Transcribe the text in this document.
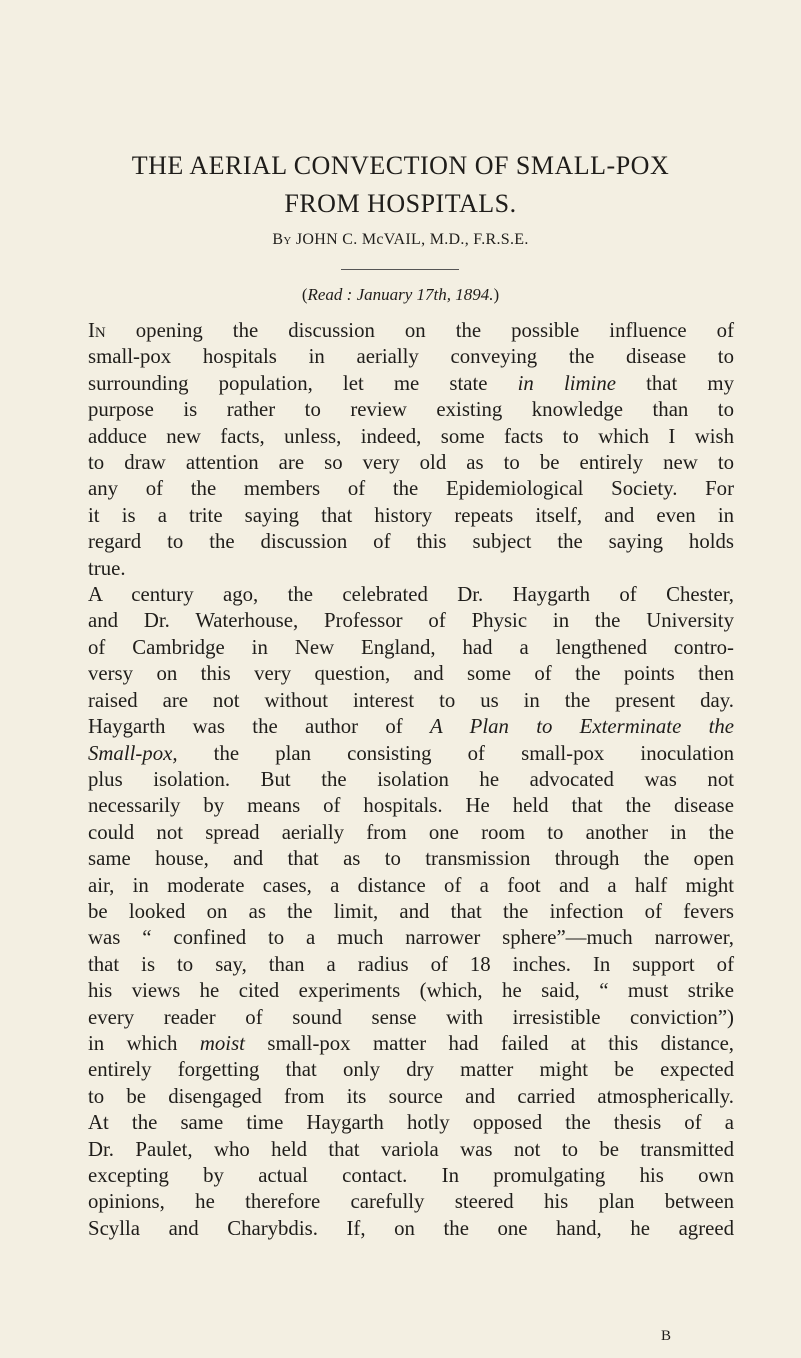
THE AERIAL CONVECTION OF SMALL-POX
FROM HOSPITALS.
By JOHN C. McVAIL, M.D., F.R.S.E.
(Read : January 17th, 1894.)
In opening the discussion on the possible influence of
small-pox hospitals in aerially conveying the disease to
surrounding population, let me state in limine that my
purpose is rather to review existing knowledge than to
adduce new facts, unless, indeed, some facts to which I wish
to draw attention are so very old as to be entirely new to
any of the members of the Epidemiological Society. For
it is a trite saying that history repeats itself, and even in
regard to the discussion of this subject the saying holds
true.
A century ago, the celebrated Dr. Haygarth of Chester,
and Dr. Waterhouse, Professor of Physic in the University
of Cambridge in New England, had a lengthened contro-
versy on this very question, and some of the points then
raised are not without interest to us in the present day.
Haygarth was the author of A Plan to Exterminate the
Small-pox, the plan consisting of small-pox inoculation
plus isolation. But the isolation he advocated was not
necessarily by means of hospitals. He held that the disease
could not spread aerially from one room to another in the
same house, and that as to transmission through the open
air, in moderate cases, a distance of a foot and a half might
be looked on as the limit, and that the infection of fevers
was “ confined to a much narrower sphere”—much narrower,
that is to say, than a radius of 18 inches. In support of
his views he cited experiments (which, he said, “ must strike
every reader of sound sense with irresistible conviction”)
in which moist small-pox matter had failed at this distance,
entirely forgetting that only dry matter might be expected
to be disengaged from its source and carried atmospherically.
At the same time Haygarth hotly opposed the thesis of a
Dr. Paulet, who held that variola was not to be transmitted
excepting by actual contact. In promulgating his own
opinions, he therefore carefully steered his plan between
Scylla and Charybdis. If, on the one hand, he agreed
B
